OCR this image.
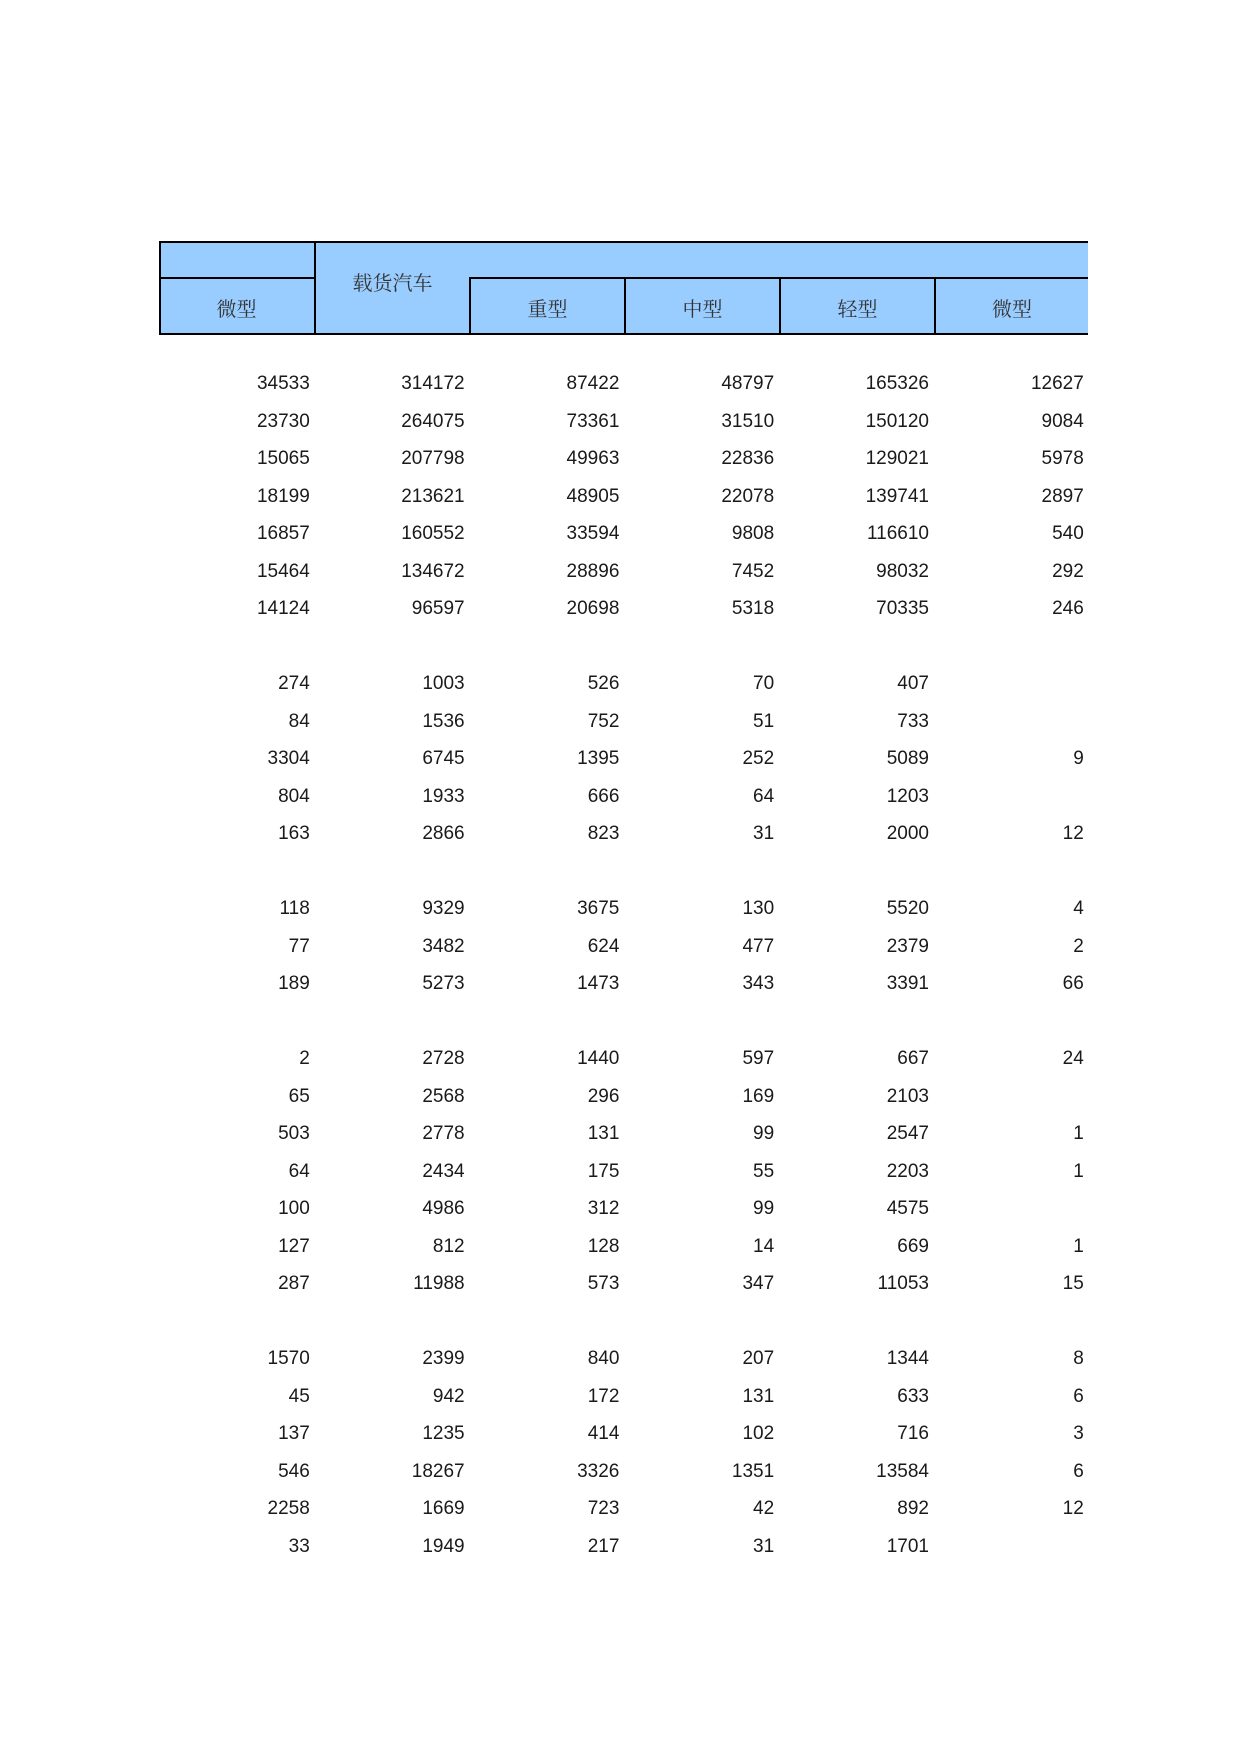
微型
载货汽车
重型	中型	轻型	微型
34533	314172	87422	48797	165326	12627
23730	264075	73361	31510	150120	9084
15065	207798	49963	22836	129021	5978
18199	213621	48905	22078	139741	2897
16857	160552	33594	9808	116610	540
15464	134672	28896	7452	98032	292
14124	96597	20698	5318	70335	246
274	1003	526	70	407
84	1536	752	51	733
3304	6745	1395	252	5089	9
804	1933	666	64	1203
163	2866	823	31	2000	12
118	9329	3675	130	5520	4
77	3482	624	477	2379	2
189	5273	1473	343	3391	66
2	2728	1440	597	667	24
65	2568	296	169	2103
503	2778	131	99	2547	1
64	2434	175	55	2203	1
100	4986	312	99	4575
127	812	128	14	669	1
287	11988	573	347	11053	15
1570	2399	840	207	1344	8
45	942	172	131	633	6
137	1235	414	102	716	3
546	18267	3326	1351	13584	6
2258	1669	723	42	892	12
33	1949	217	31	1701
